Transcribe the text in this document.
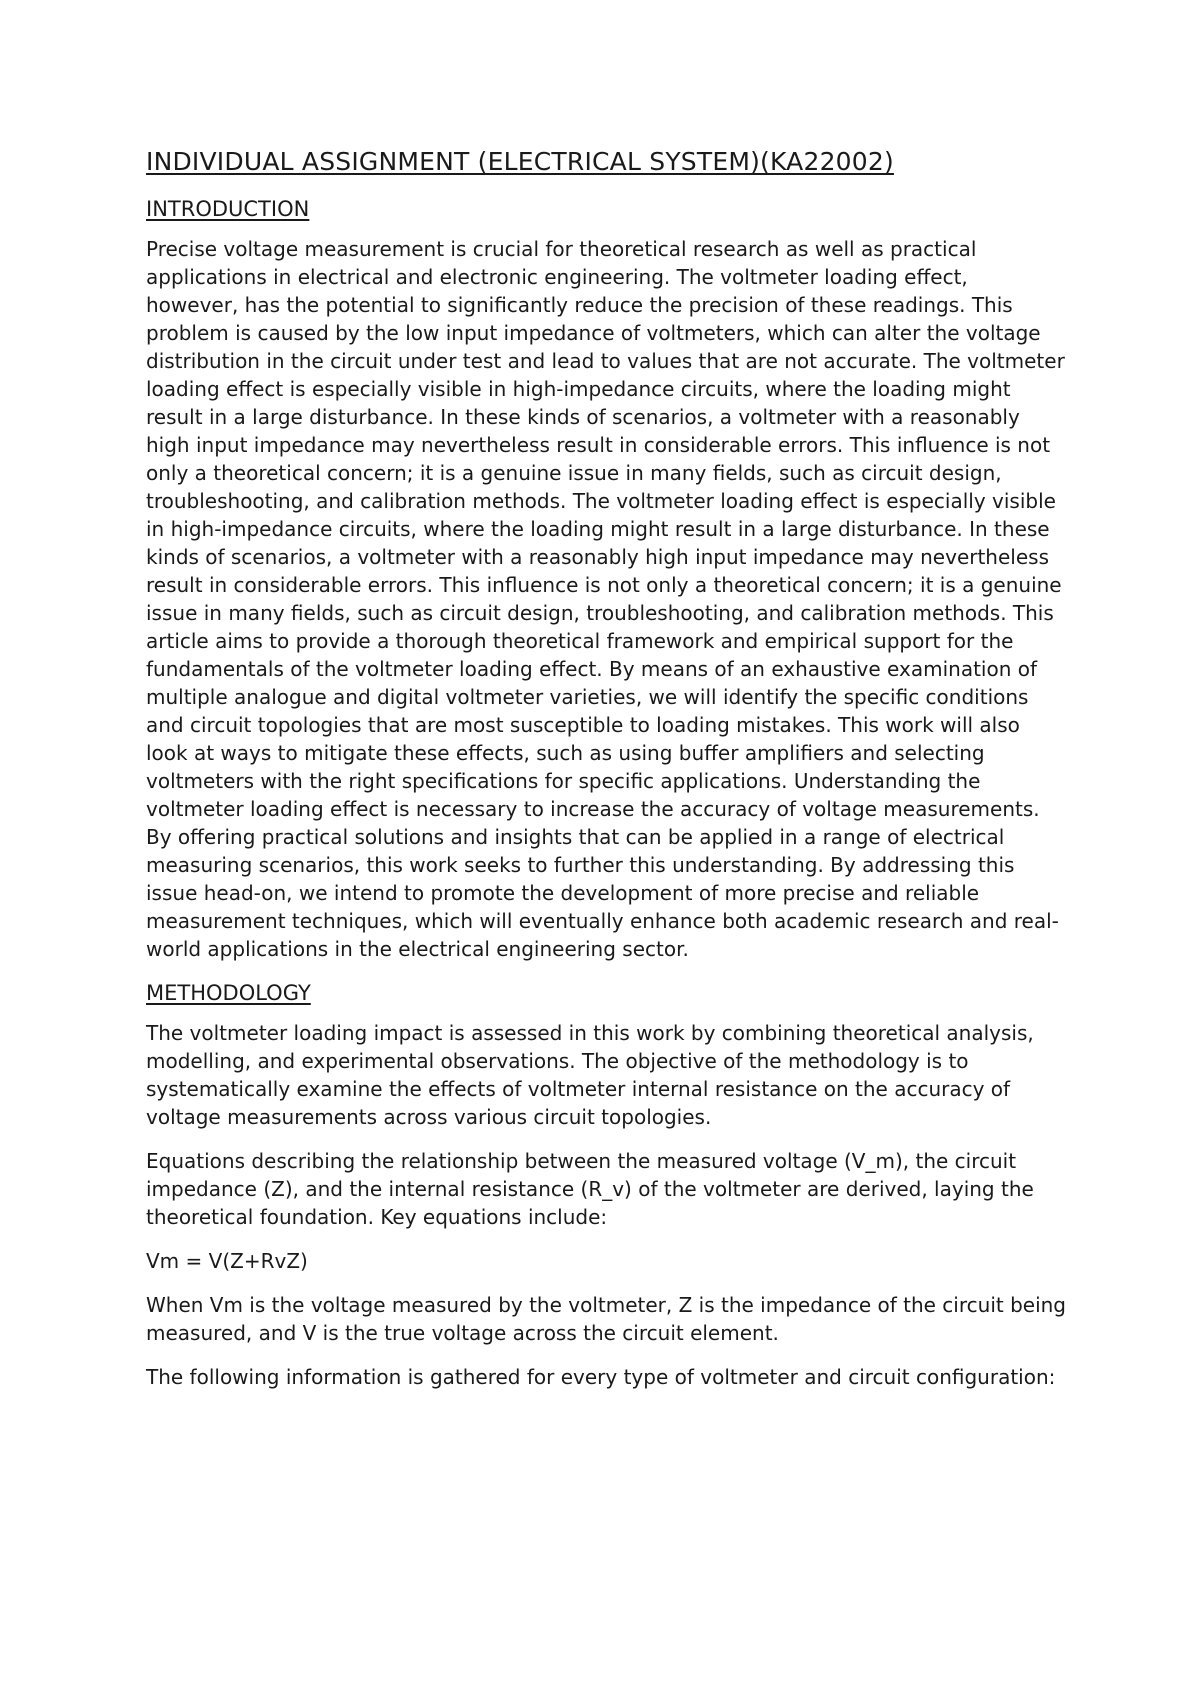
INDIVIDUAL ASSIGNMENT (ELECTRICAL SYSTEM)(KA22002)
INTRODUCTION

Precise voltage measurement is crucial for theoretical research as well as practical applications in electrical and electronic engineering. The voltmeter loading effect, however, has the potential to significantly reduce the precision of these readings. This problem is caused by the low input impedance of voltmeters, which can alter the voltage distribution in the circuit under test and lead to values that are not accurate. The voltmeter loading effect is especially visible in high-impedance circuits, where the loading might result in a large disturbance. In these kinds of scenarios, a voltmeter with a reasonably high input impedance may nevertheless result in considerable errors. This influence is not only a theoretical concern; it is a genuine issue in many fields, such as circuit design, troubleshooting, and calibration methods. The voltmeter loading effect is especially visible in high-impedance circuits, where the loading might result in a large disturbance. In these kinds of scenarios, a voltmeter with a reasonably high input impedance may nevertheless result in considerable errors. This influence is not only a theoretical concern; it is a genuine issue in many fields, such as circuit design, troubleshooting, and calibration methods. This article aims to provide a thorough theoretical framework and empirical support for the fundamentals of the voltmeter loading effect. By means of an exhaustive examination of multiple analogue and digital voltmeter varieties, we will identify the specific conditions and circuit topologies that are most susceptible to loading mistakes. This work will also look at ways to mitigate these effects, such as using buffer amplifiers and selecting voltmeters with the right specifications for specific applications. Understanding the voltmeter loading effect is necessary to increase the accuracy of voltage measurements. By offering practical solutions and insights that can be applied in a range of electrical measuring scenarios, this work seeks to further this understanding. By addressing this issue head-on, we intend to promote the development of more precise and reliable measurement techniques, which will eventually enhance both academic research and real-world applications in the electrical engineering sector.

METHODOLOGY

The voltmeter loading impact is assessed in this work by combining theoretical analysis, modelling, and experimental observations. The objective of the methodology is to systematically examine the effects of voltmeter internal resistance on the accuracy of voltage measurements across various circuit topologies.

Equations describing the relationship between the measured voltage (V_m), the circuit impedance (Z), and the internal resistance (R_v) of the voltmeter are derived, laying the theoretical foundation. Key equations include:

Vm = V(Z+RvZ)

When Vm is the voltage measured by the voltmeter, Z is the impedance of the circuit being measured, and V is the true voltage across the circuit element.

The following information is gathered for every type of voltmeter and circuit configuration:
